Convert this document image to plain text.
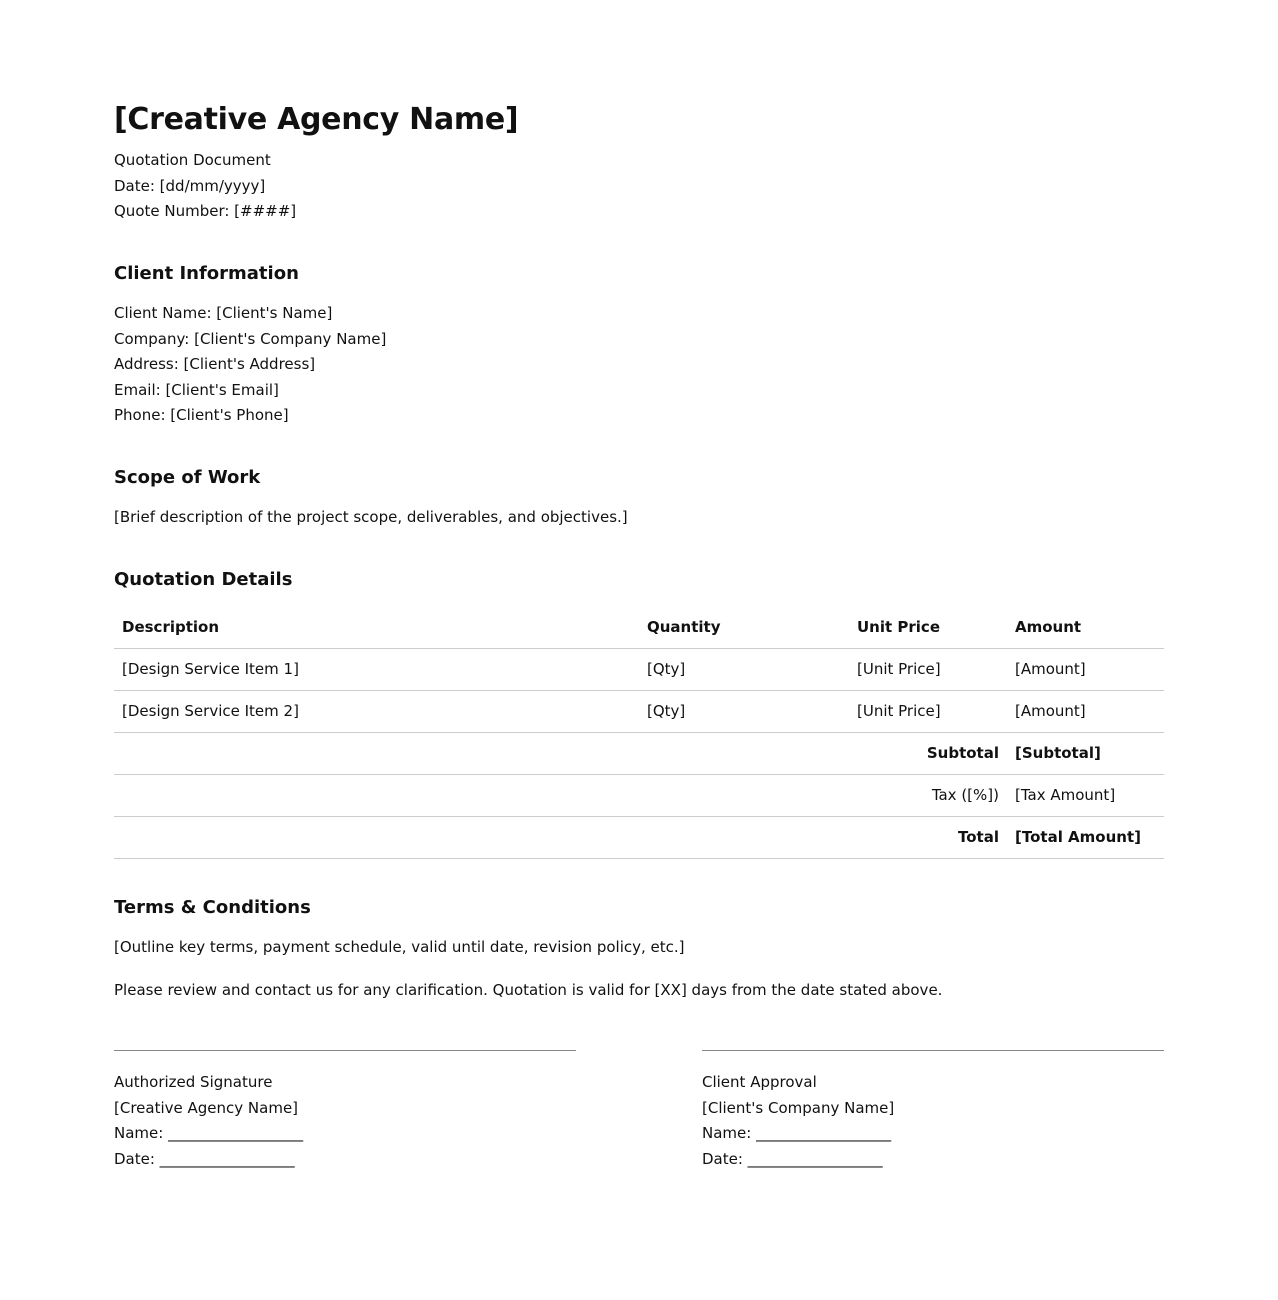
[Creative Agency Name]
Quotation Document
Date: [dd/mm/yyyy]
Quote Number: [####]
Client Information
Client Name: [Client's Name]
Company: [Client's Company Name]
Address: [Client's Address]
Email: [Client's Email]
Phone: [Client's Phone]
Scope of Work
[Brief description of the project scope, deliverables, and objectives.]
Quotation Details
Description	Quantity	Unit Price	Amount
[Design Service Item 1]	[Qty]	[Unit Price]	[Amount]
[Design Service Item 2]	[Qty]	[Unit Price]	[Amount]
Subtotal			[Subtotal]
Tax ([%])			[Tax Amount]
Total			[Total Amount]
Terms & Conditions
[Outline key terms, payment schedule, valid until date, revision policy, etc.]
Please review and contact us for any clarification. Quotation is valid for [XX] days from the date stated above.
Authorized Signature
[Creative Agency Name]
Name: __________________
Date: __________________
Client Approval
[Client's Company Name]
Name: __________________
Date: __________________
